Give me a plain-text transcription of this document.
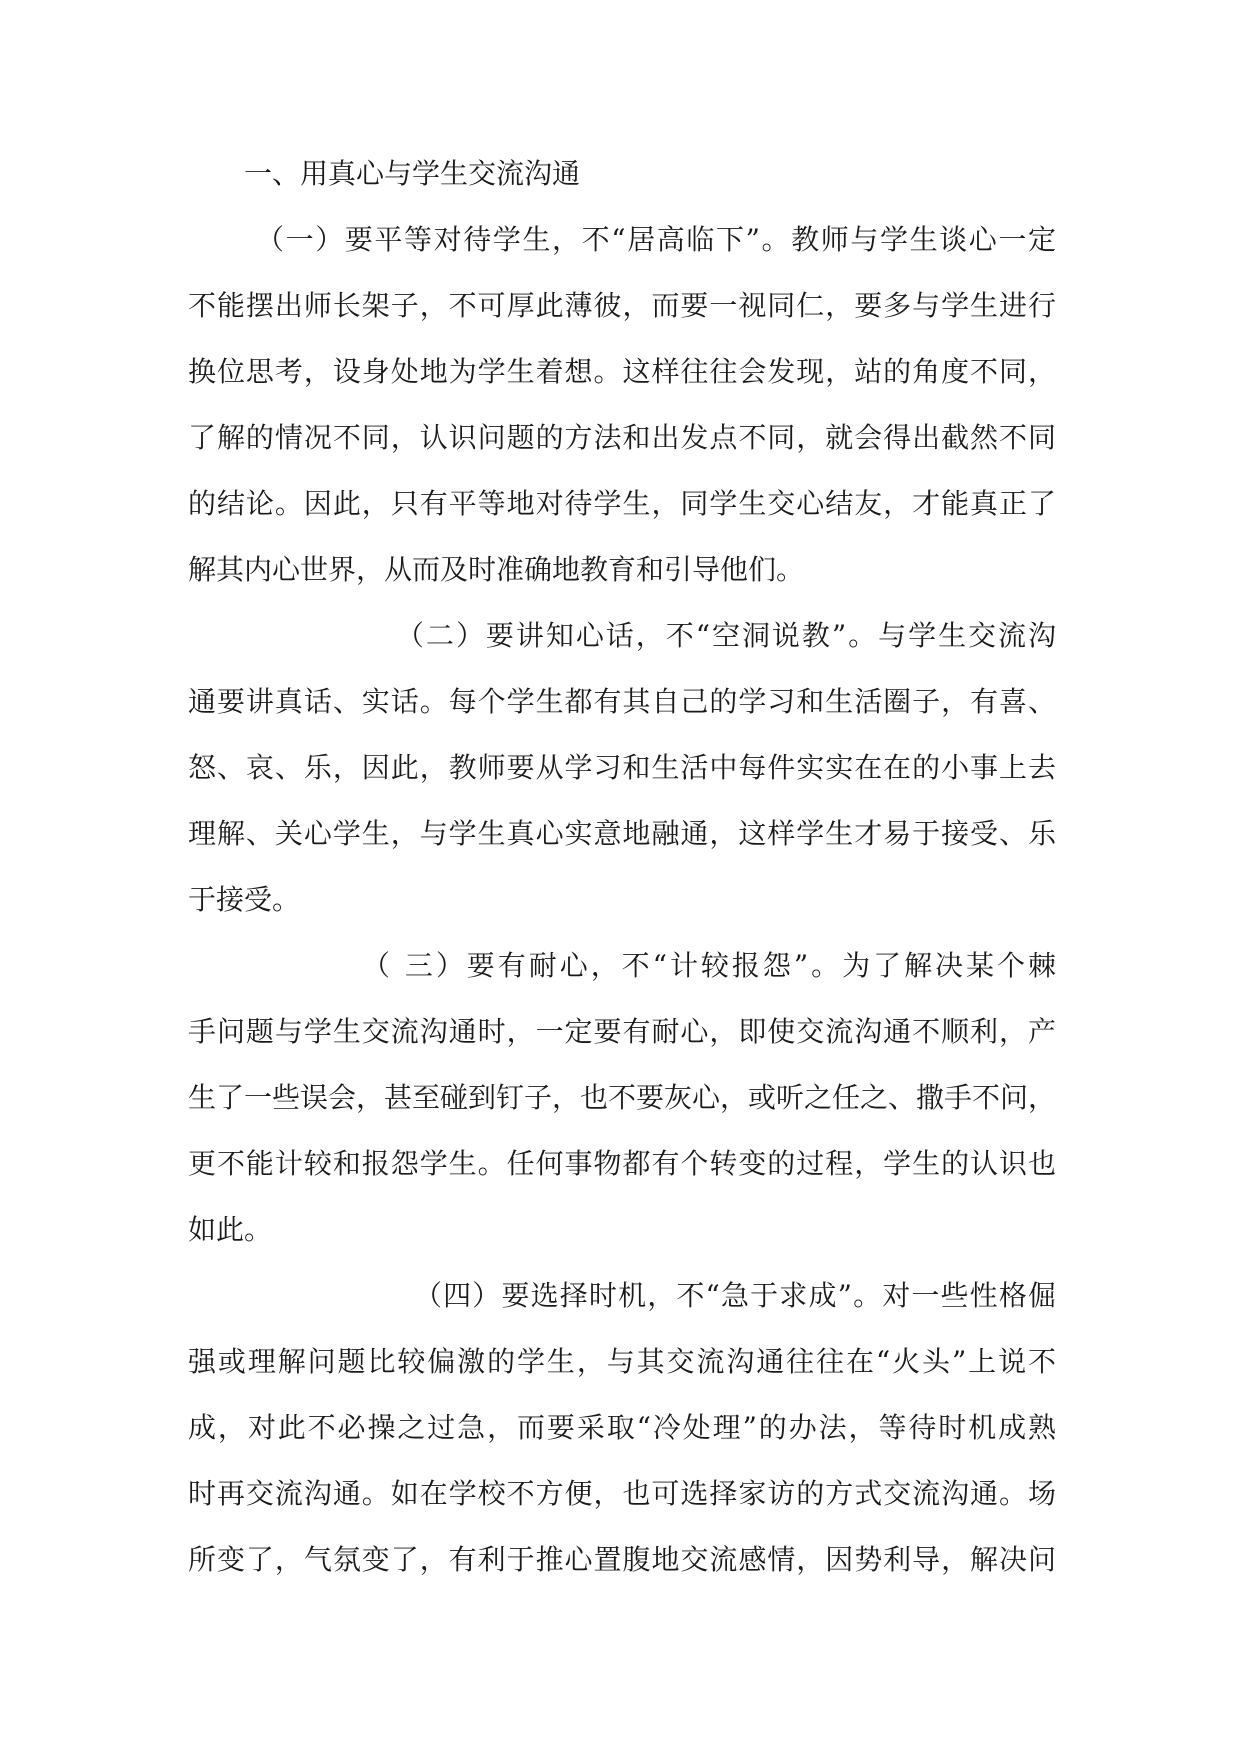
一、用真心与学生交流沟通
（一）要平等对待学生，不“居高临下”。教师与学生谈心一定
不能摆出师长架子，不可厚此薄彼，而要一视同仁，要多与学生进行
换位思考，设身处地为学生着想。这样往往会发现，站的角度不同，
了解的情况不同，认识问题的方法和出发点不同，就会得出截然不同
的结论。因此，只有平等地对待学生，同学生交心结友，才能真正了
解其内心世界，从而及时准确地教育和引导他们。
（二）要讲知心话，不“空洞说教”。与学生交流沟
通要讲真话、实话。每个学生都有其自己的学习和生活圈子，有喜、
怒、哀、乐，因此，教师要从学习和生活中每件实实在在的小事上去
理解、关心学生，与学生真心实意地融通，这样学生才易于接受、乐
于接受。
（ 三）要有耐心，不“计较报怨”。为了解决某个棘
手问题与学生交流沟通时，一定要有耐心，即使交流沟通不顺利，产
生了一些误会，甚至碰到钉子，也不要灰心，或听之任之、撒手不问，
更不能计较和报怨学生。任何事物都有个转变的过程，学生的认识也
如此。
（四）要选择时机，不“急于求成”。对一些性格倔
强或理解问题比较偏激的学生，与其交流沟通往往在“火头”上说不
成，对此不必操之过急，而要采取“冷处理”的办法，等待时机成熟
时再交流沟通。如在学校不方便，也可选择家访的方式交流沟通。场
所变了，气氛变了，有利于推心置腹地交流感情，因势利导，解决问
